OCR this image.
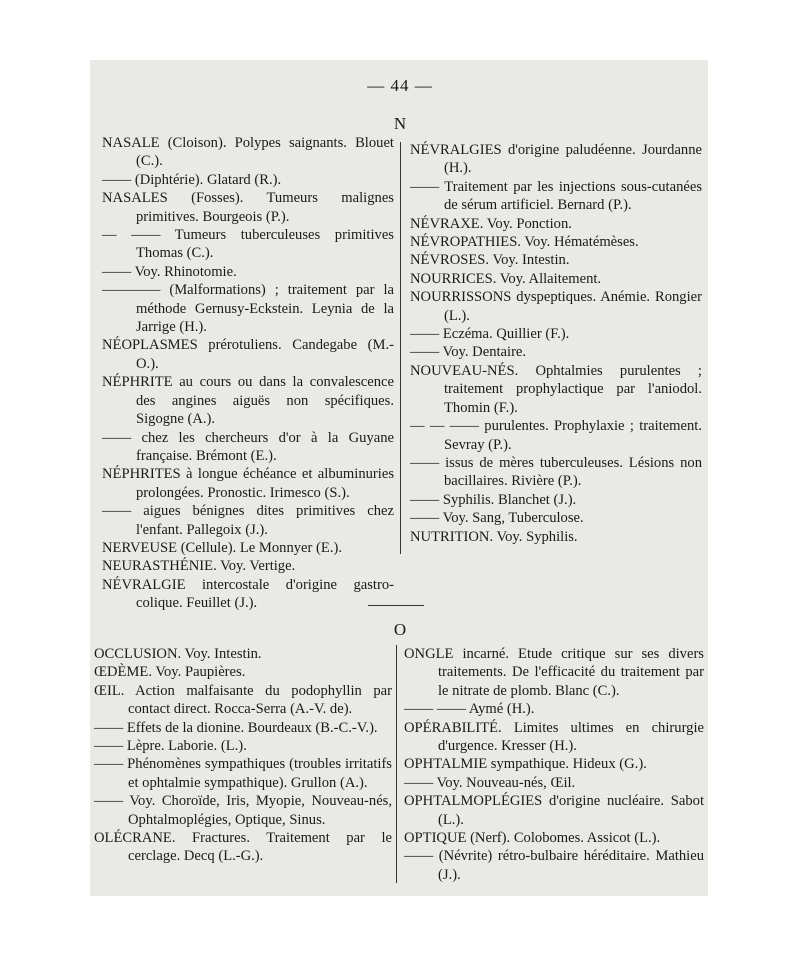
— 44 —
N

NASALE (Cloison). Polypes saignants. Blouet (C.).

—— (Diphtérie). Glatard (R.).

NASALES (Fosses). Tumeurs malignes primitives. Bourgeois (P.).

— —— Tumeurs tuberculeuses primitives Thomas (C.).

—— Voy. Rhinotomie.

———— (Malformations) ; traitement par la méthode Gernusy-Eckstein. Leynia de la Jarrige (H.).

NÉOPLASMES prérotuliens. Candegabe (M.-O.).

NÉPHRITE au cours ou dans la convalescence des angines aiguës non spécifiques. Sigogne (A.).

—— chez les chercheurs d'or à la Guyane française. Brémont (E.).

NÉPHRITES à longue échéance et albuminuries prolongées. Pronostic. Irimesco (S.).

—— aigues bénignes dites primitives chez l'enfant. Pallegoix (J.).

NERVEUSE (Cellule). Le Monnyer (E.).

NEURASTHÉNIE. Voy. Vertige.

NÉVRALGIE intercostale d'origine gastro-colique. Feuillet (J.).

NÉVRALGIES d'origine paludéenne. Jourdanne (H.).

—— Traitement par les injections sous-cutanées de sérum artificiel. Bernard (P.).

NÉVRAXE. Voy. Ponction.

NÉVROPATHIES. Voy. Hématémèses.

NÉVROSES. Voy. Intestin.

NOURRICES. Voy. Allaitement.

NOURRISSONS dyspeptiques. Anémie. Rongier (L.).

—— Eczéma. Quillier (F.).

—— Voy. Dentaire.

NOUVEAU-NÉS. Ophtalmies purulentes ; traitement prophylactique par l'aniodol. Thomin (F.).

— — —— purulentes. Prophylaxie ; traitement. Sevray (P.).

—— issus de mères tuberculeuses. Lésions non bacillaires. Rivière (P.).

—— Syphilis. Blanchet (J.).

—— Voy. Sang, Tuberculose.

NUTRITION. Voy. Syphilis.

O

OCCLUSION. Voy. Intestin.

ŒDÈME. Voy. Paupières.

ŒIL. Action malfaisante du podophyllin par contact direct. Rocca-Serra (A.-V. de).

—— Effets de la dionine. Bourdeaux (B.-C.-V.).

—— Lèpre. Laborie. (L.).

—— Phénomènes sympathiques (troubles irritatifs et ophtalmie sympathique). Grullon (A.).

—— Voy. Choroïde, Iris, Myopie, Nouveau-nés, Ophtalmoplégies, Optique, Sinus.

OLÉCRANE. Fractures. Traitement par le cerclage. Decq (L.-G.).

ONGLE incarné. Etude critique sur ses divers traitements. De l'efficacité du traitement par le nitrate de plomb. Blanc (C.).

—— —— Aymé (H.).

OPÉRABILITÉ. Limites ultimes en chirurgie d'urgence. Kresser (H.).

OPHTALMIE sympathique. Hideux (G.).

—— Voy. Nouveau-nés, Œil.

OPHTALMOPLÉGIES d'origine nucléaire. Sabot (L.).

OPTIQUE (Nerf). Colobomes. Assicot (L.).

—— (Névrite) rétro-bulbaire héréditaire. Mathieu (J.).
